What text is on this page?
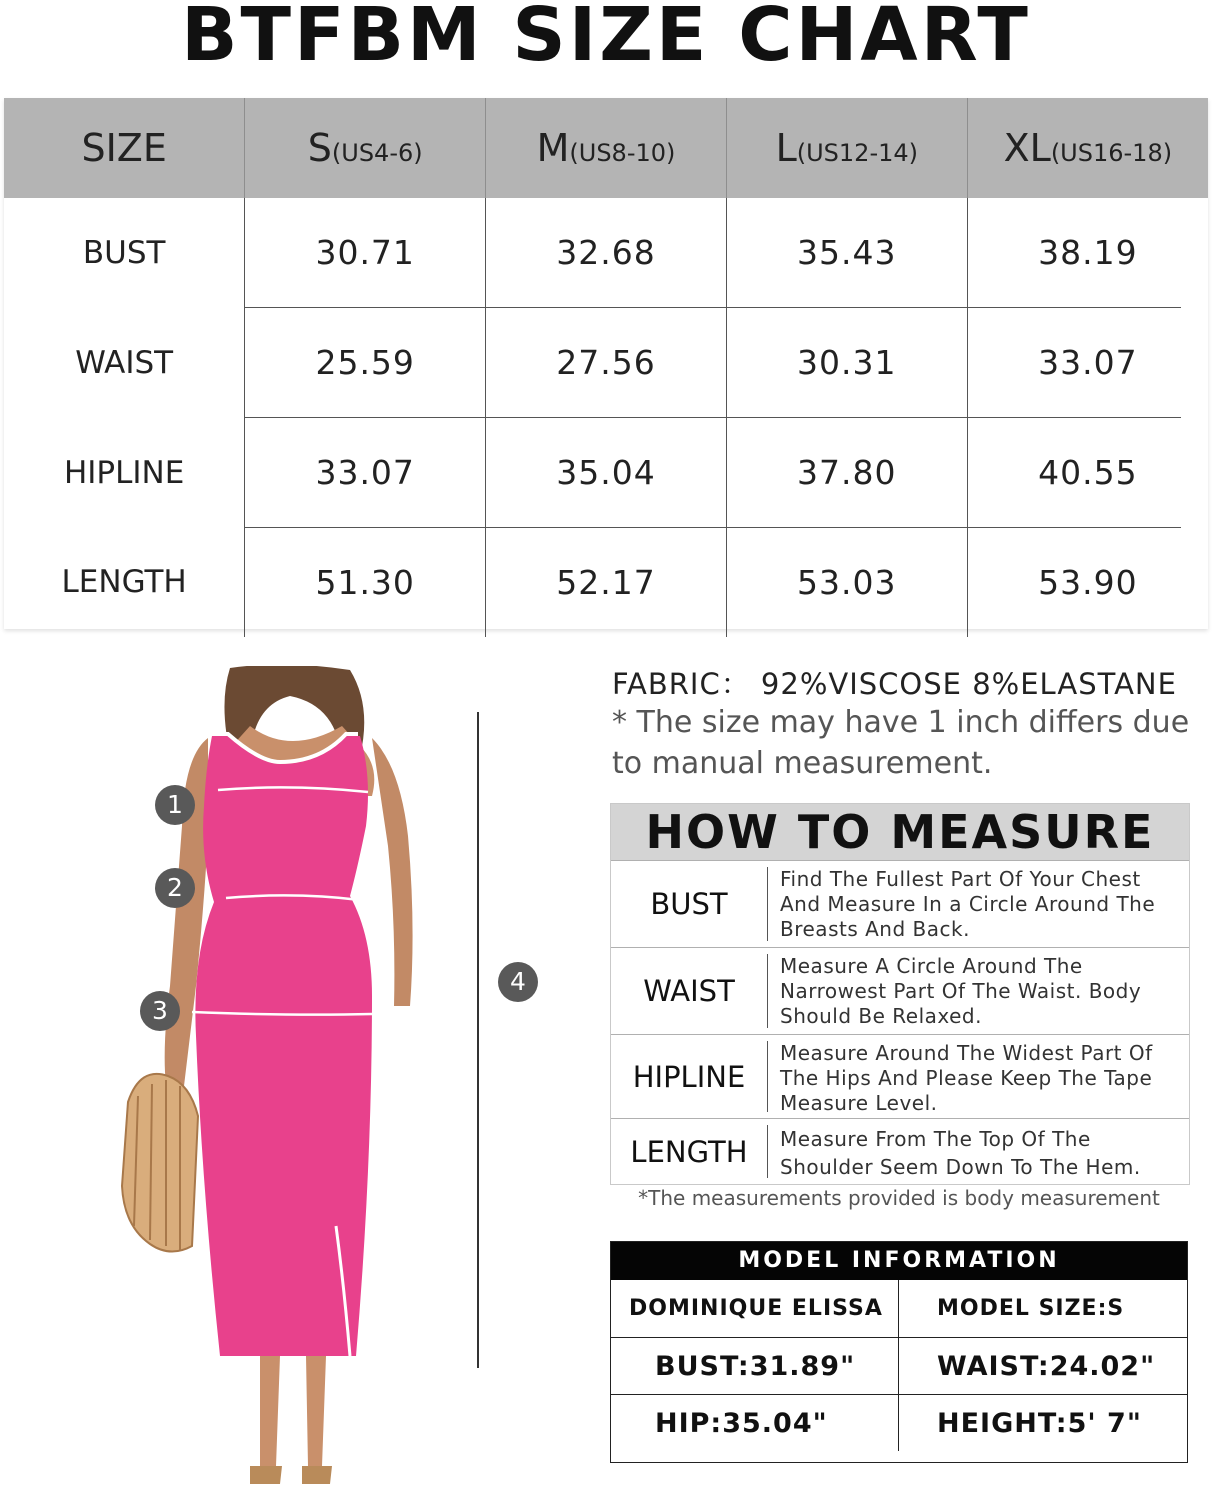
BTFBM SIZE CHART
SIZE	S(US4-6)	M(US8-10)	L(US12-14)	XL(US16-18)
BUST	30.71	32.68	35.43	38.19
WAIST	25.59	27.56	30.31	33.07
HIPLINE	33.07	35.04	37.80	40.55
LENGTH	51.30	52.17	53.03	53.90
1
2
3
4
FABRIC： 92%VISCOSE 8%ELASTANE
* The size may have 1 inch differs due to manual measurement.
HOW TO MEASURE
BUST
Find The Fullest Part Of Your Chest And Measure In a Circle Around The Breasts And Back.
WAIST
Measure A Circle Around The Narrowest Part Of The Waist. Body Should Be Relaxed.
HIPLINE
Measure Around The Widest Part Of The Hips And Please Keep The Tape Measure Level.
LENGTH	Measure From The Top Of The Shoulder Seem Down To The Hem.
*The measurements provided is body measurement
MODEL INFORMATION
DOMINIQUE ELISSA	MODEL SIZE:S
BUST:31.89"	WAIST:24.02"
HIP:35.04"	HEIGHT:5' 7"
